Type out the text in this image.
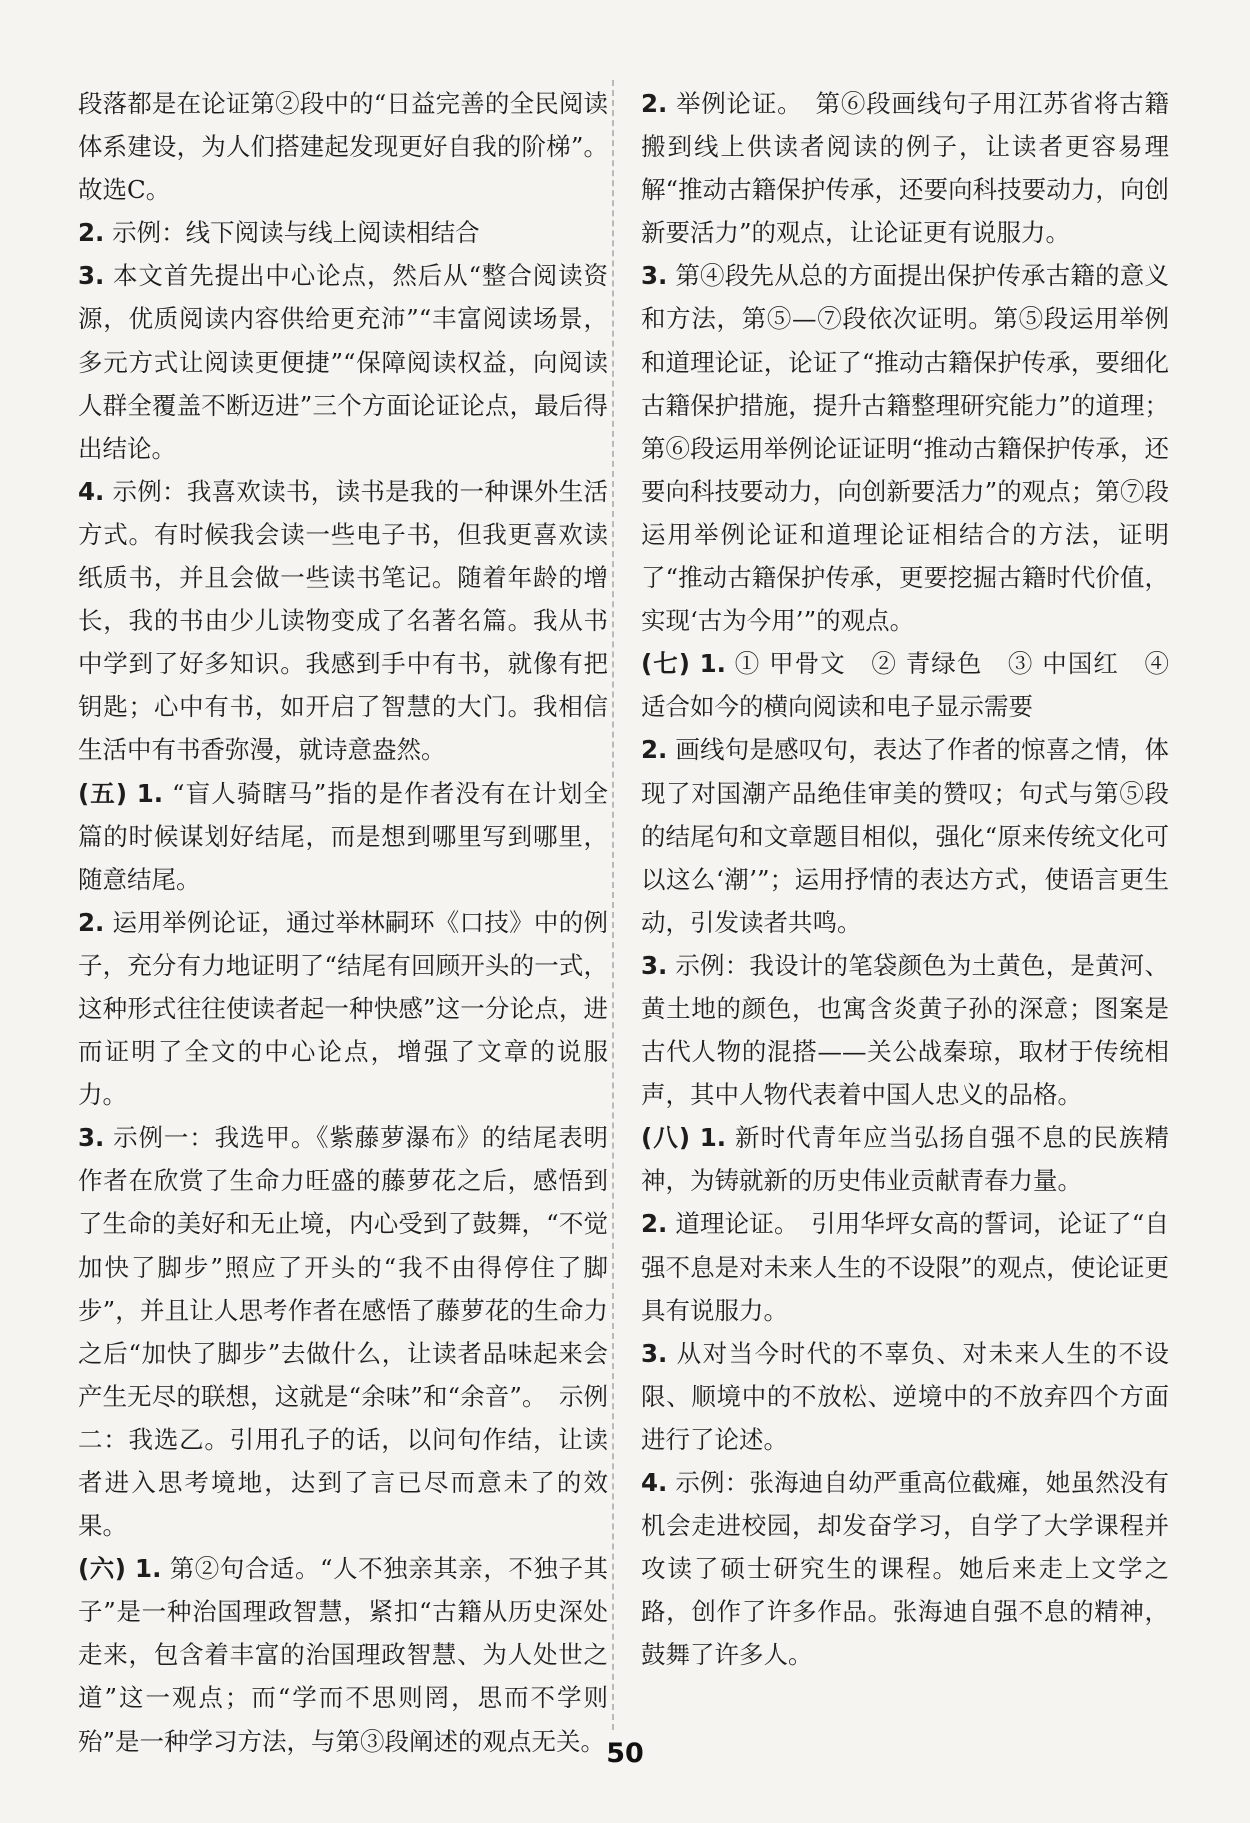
段落都是在论证第②段中的“日益完善的全民阅读体系建设，为人们搭建起发现更好自我的阶梯”。故选C。

2. 示例：线下阅读与线上阅读相结合

3. 本文首先提出中心论点，然后从“整合阅读资源，优质阅读内容供给更充沛”“丰富阅读场景，多元方式让阅读更便捷”“保障阅读权益，向阅读人群全覆盖不断迈进”三个方面论证论点，最后得出结论。

4. 示例：我喜欢读书，读书是我的一种课外生活方式。有时候我会读一些电子书，但我更喜欢读纸质书，并且会做一些读书笔记。随着年龄的增长，我的书由少儿读物变成了名著名篇。我从书中学到了好多知识。我感到手中有书，就像有把钥匙；心中有书，如开启了智慧的大门。我相信生活中有书香弥漫，就诗意盎然。

(五) 1. “盲人骑瞎马”指的是作者没有在计划全篇的时候谋划好结尾，而是想到哪里写到哪里，随意结尾。

2. 运用举例论证，通过举林嗣环《口技》中的例子，充分有力地证明了“结尾有回顾开头的一式，这种形式往往使读者起一种快感”这一分论点，进而证明了全文的中心论点，增强了文章的说服力。

3. 示例一：我选甲。《紫藤萝瀑布》的结尾表明作者在欣赏了生命力旺盛的藤萝花之后，感悟到了生命的美好和无止境，内心受到了鼓舞，“不觉加快了脚步”照应了开头的“我不由得停住了脚步”，并且让人思考作者在感悟了藤萝花的生命力之后“加快了脚步”去做什么，让读者品味起来会产生无尽的联想，这就是“余味”和“余音”。　示例二：我选乙。引用孔子的话，以问句作结，让读者进入思考境地，达到了言已尽而意未了的效果。

(六) 1. 第②句合适。“人不独亲其亲，不独子其子”是一种治国理政智慧，紧扣“古籍从历史深处走来，包含着丰富的治国理政智慧、为人处世之道”这一观点；而“学而不思则罔，思而不学则殆”是一种学习方法，与第③段阐述的观点无关。

2. 举例论证。　第⑥段画线句子用江苏省将古籍搬到线上供读者阅读的例子，让读者更容易理解“推动古籍保护传承，还要向科技要动力，向创新要活力”的观点，让论证更有说服力。

3. 第④段先从总的方面提出保护传承古籍的意义和方法，第⑤—⑦段依次证明。第⑤段运用举例和道理论证，论证了“推动古籍保护传承，要细化古籍保护措施，提升古籍整理研究能力”的道理；第⑥段运用举例论证证明“推动古籍保护传承，还要向科技要动力，向创新要活力”的观点；第⑦段运用举例论证和道理论证相结合的方法，证明了“推动古籍保护传承，更要挖掘古籍时代价值，实现‘古为今用’”的观点。

(七) 1. ① 甲骨文　② 青绿色　③ 中国红　④ 适合如今的横向阅读和电子显示需要

2. 画线句是感叹句，表达了作者的惊喜之情，体现了对国潮产品绝佳审美的赞叹；句式与第⑤段的结尾句和文章题目相似，强化“原来传统文化可以这么‘潮’”；运用抒情的表达方式，使语言更生动，引发读者共鸣。

3. 示例：我设计的笔袋颜色为土黄色，是黄河、黄土地的颜色，也寓含炎黄子孙的深意；图案是古代人物的混搭——关公战秦琼，取材于传统相声，其中人物代表着中国人忠义的品格。

(八) 1. 新时代青年应当弘扬自强不息的民族精神，为铸就新的历史伟业贡献青春力量。

2. 道理论证。　引用华坪女高的誓词，论证了“自强不息是对未来人生的不设限”的观点，使论证更具有说服力。

3. 从对当今时代的不辜负、对未来人生的不设限、顺境中的不放松、逆境中的不放弃四个方面进行了论述。

4. 示例：张海迪自幼严重高位截瘫，她虽然没有机会走进校园，却发奋学习，自学了大学课程并攻读了硕士研究生的课程。她后来走上文学之路，创作了许多作品。张海迪自强不息的精神，鼓舞了许多人。

50
